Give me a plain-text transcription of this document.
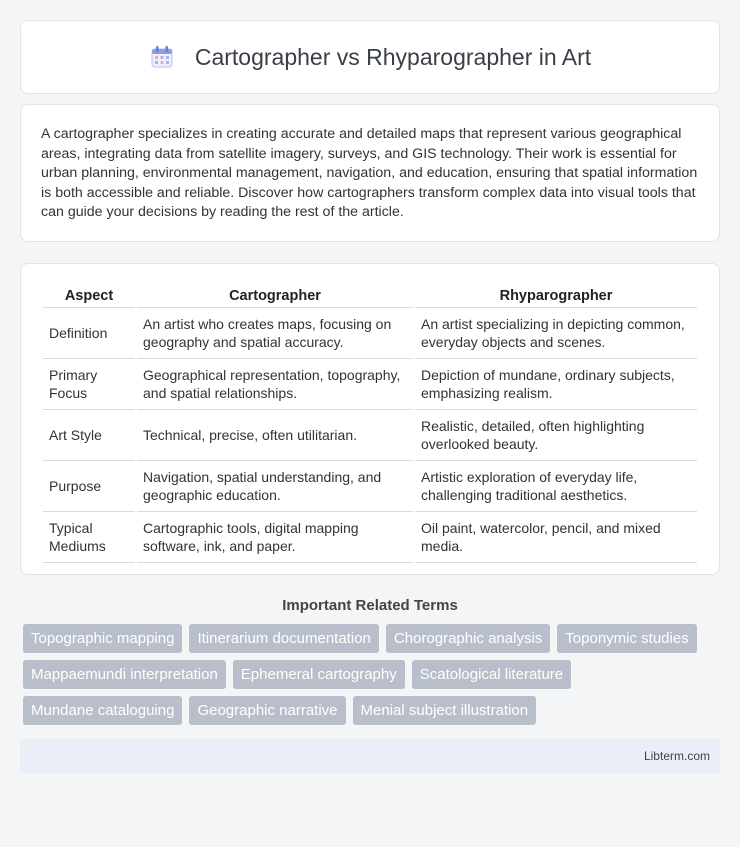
Cartographer vs Rhyparographer in Art

A cartographer specializes in creating accurate and detailed maps that represent various geographical areas, integrating data from satellite imagery, surveys, and GIS technology. Their work is essential for urban planning, environmental management, navigation, and education, ensuring that spatial information is both accessible and reliable. Discover how cartographers transform complex data into visual tools that can guide your decisions by reading the rest of the article.

Aspect	Cartographer	Rhyparographer
Definition	An artist who creates maps, focusing on geography and spatial accuracy.	An artist specializing in depicting common, everyday objects and scenes.
Primary Focus	Geographical representation, topography, and spatial relationships.	Depiction of mundane, ordinary subjects, emphasizing realism.
Art Style	Technical, precise, often utilitarian.	Realistic, detailed, often highlighting overlooked beauty.
Purpose	Navigation, spatial understanding, and geographic education.	Artistic exploration of everyday life, challenging traditional aesthetics.
Typical Mediums	Cartographic tools, digital mapping software, ink, and paper.	Oil paint, watercolor, pencil, and mixed media.
Important Related Terms
Topographic mapping	Itinerarium documentation	Chorographic analysis	Toponymic studies
Mappaemundi interpretation	Ephemeral cartography	Scatological literature
Mundane cataloguing	Geographic narrative	Menial subject illustration
Libterm.com
